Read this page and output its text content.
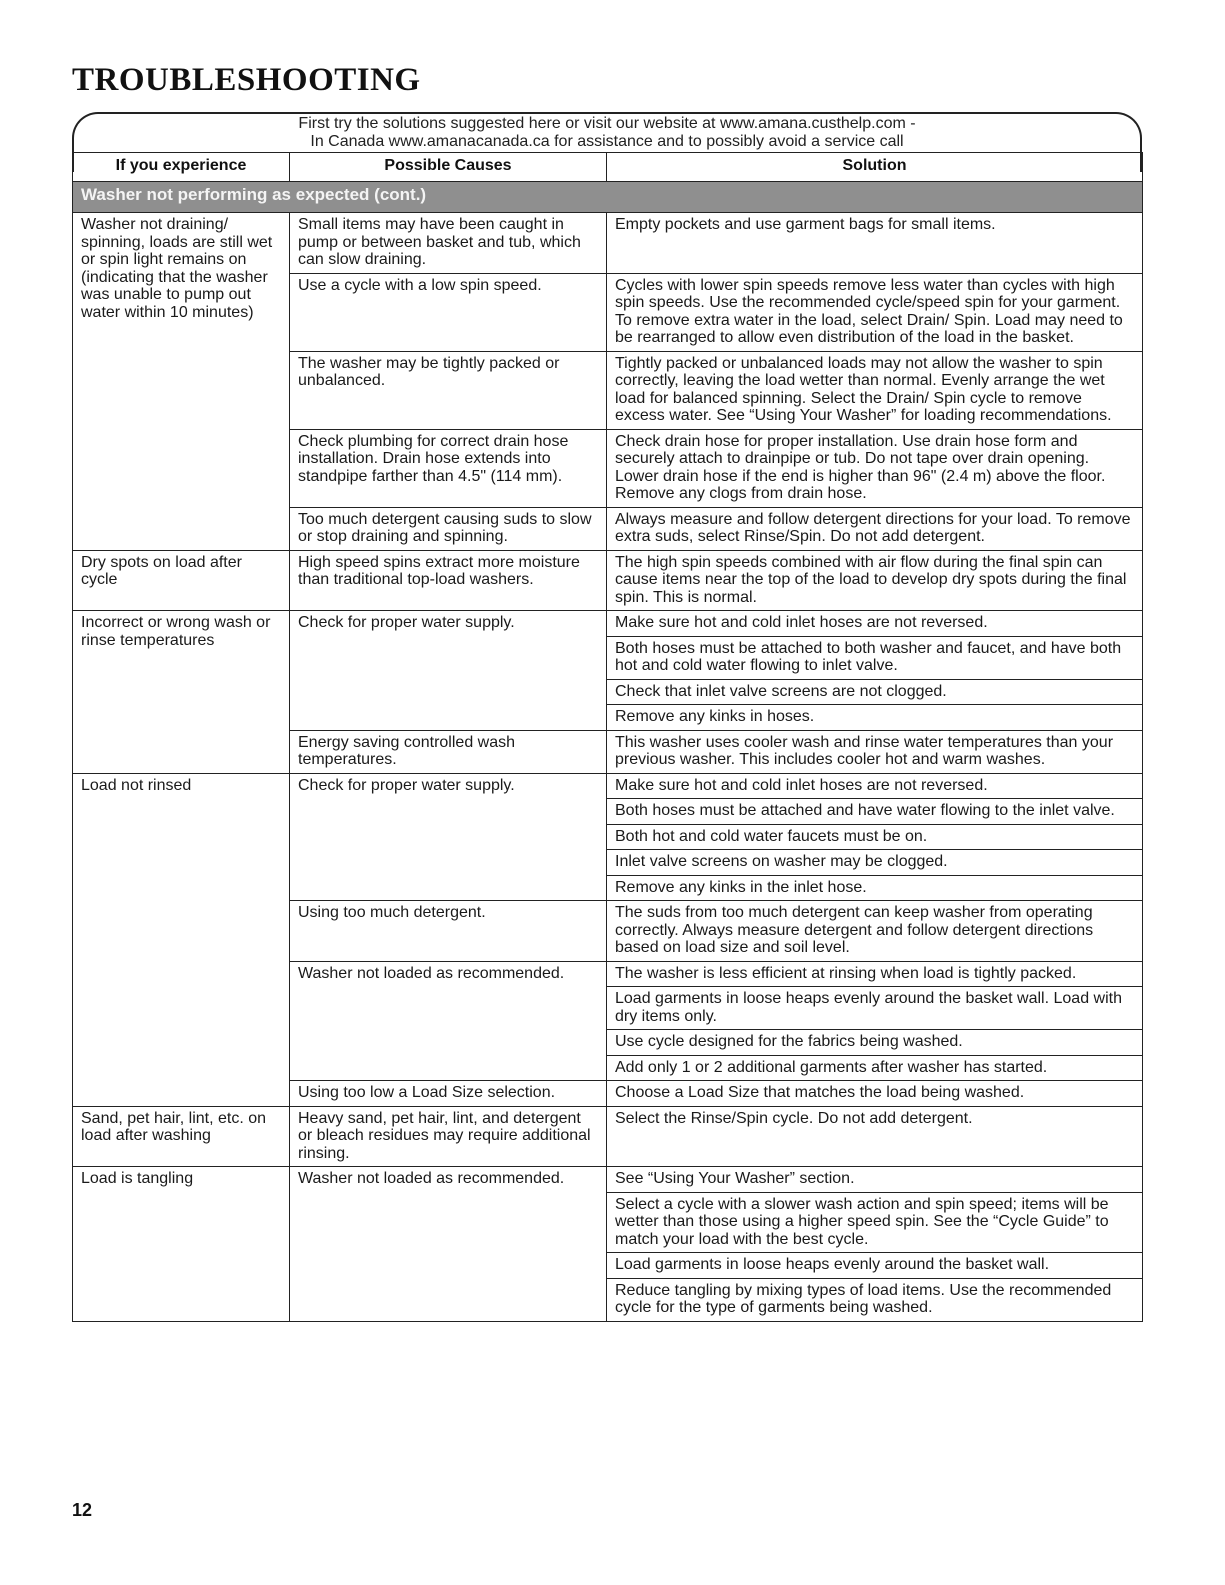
TROUBLESHOOTING
First try the solutions suggested here or visit our website at www.amana.custhelp.com -
In Canada www.amanacanada.ca for assistance and to possibly avoid a service call
If you experience	Possible Causes	Solution
Washer not performing as expected (cont.)		
Washer not draining/ spinning, loads are still wet or spin light remains on (indicating that the washer was unable to pump out water within 10 minutes)	Small items may have been caught in pump or between basket and tub, which can slow draining.	Empty pockets and use garment bags for small items.
	Use a cycle with a low spin speed.	Cycles with lower spin speeds remove less water than cycles with high spin speeds. Use the recommended cycle/speed spin for your garment. To remove extra water in the load, select Drain/ Spin. Load may need to be rearranged to allow even distribution of the load in the basket.
	The washer may be tightly packed or unbalanced.	Tightly packed or unbalanced loads may not allow the washer to spin correctly, leaving the load wetter than normal. Evenly arrange the wet load for balanced spinning. Select the Drain/ Spin cycle to remove excess water. See “Using Your Washer” for loading recommendations.
	Check plumbing for correct drain hose installation. Drain hose extends into standpipe farther than 4.5" (114 mm).	Check drain hose for proper installation. Use drain hose form and securely attach to drainpipe or tub. Do not tape over drain opening. Lower drain hose if the end is higher than 96" (2.4 m) above the floor. Remove any clogs from drain hose.
	Too much detergent causing suds to slow or stop draining and spinning.	Always measure and follow detergent directions for your load. To remove extra suds, select Rinse/Spin. Do not add detergent.
Dry spots on load after cycle	High speed spins extract more moisture than traditional top-load washers.	The high spin speeds combined with air flow during the final spin can cause items near the top of the load to develop dry spots during the final spin. This is normal.
Incorrect or wrong wash or rinse temperatures	Check for proper water supply.	Make sure hot and cold inlet hoses are not reversed.
		Both hoses must be attached to both washer and faucet, and have both hot and cold water flowing to inlet valve.
		Check that inlet valve screens are not clogged.
		Remove any kinks in hoses.
	Energy saving controlled wash temperatures.	This washer uses cooler wash and rinse water temperatures than your previous washer. This includes cooler hot and warm washes.
Load not rinsed	Check for proper water supply.	Make sure hot and cold inlet hoses are not reversed.
		Both hoses must be attached and have water flowing to the inlet valve.
		Both hot and cold water faucets must be on.
		Inlet valve screens on washer may be clogged.
		Remove any kinks in the inlet hose.
	Using too much detergent.	The suds from too much detergent can keep washer from operating correctly. Always measure detergent and follow detergent directions based on load size and soil level.
	Washer not loaded as recommended.	The washer is less efficient at rinsing when load is tightly packed.
		Load garments in loose heaps evenly around the basket wall. Load with dry items only.
		Use cycle designed for the fabrics being washed.
		Add only 1 or 2 additional garments after washer has started.
	Using too low a Load Size selection.	Choose a Load Size that matches the load being washed.
Sand, pet hair, lint, etc. on load after washing	Heavy sand, pet hair, lint, and detergent or bleach residues may require additional rinsing.	Select the Rinse/Spin cycle. Do not add detergent.
Load is tangling	Washer not loaded as recommended.	See “Using Your Washer” section.
		Select a cycle with a slower wash action and spin speed; items will be wetter than those using a higher speed spin. See the “Cycle Guide” to match your load with the best cycle.
		Load garments in loose heaps evenly around the basket wall.
		Reduce tangling by mixing types of load items. Use the recommended cycle for the type of garments being washed.
12
